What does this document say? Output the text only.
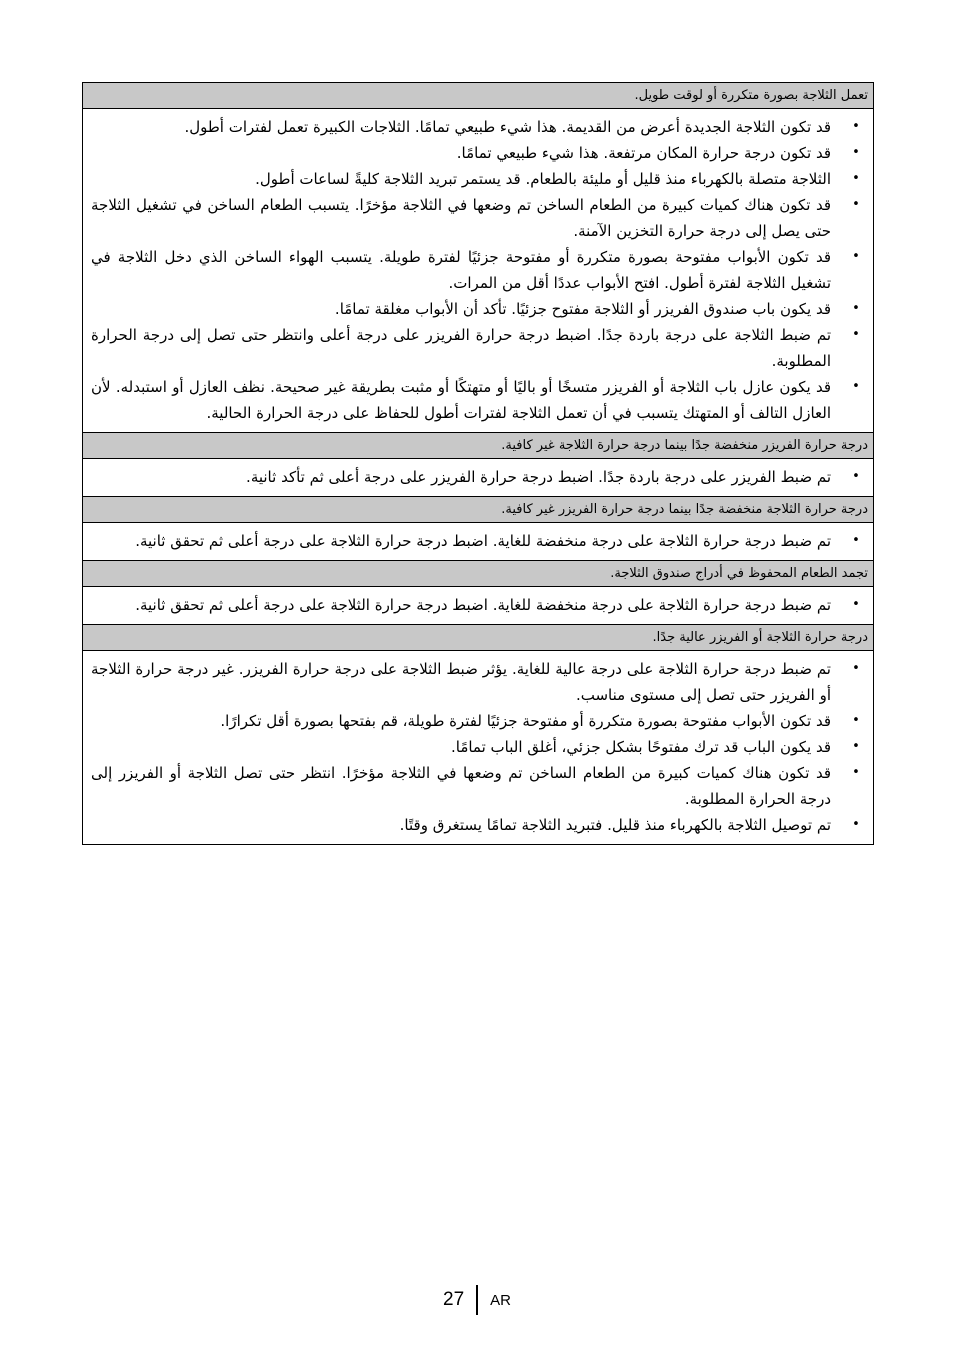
تعمل الثلاجة بصورة متكررة أو لوقت طويل.
•
قد تكون الثلاجة الجديدة أعرض من القديمة. هذا شيء طبيعي تمامًا. الثلاجات الكبيرة تعمل لفترات أطول.
•
قد تكون درجة حرارة المكان مرتفعة. هذا شيء طبيعي تمامًا.
•
الثلاجة متصلة بالكهرباء منذ قليل أو مليئة بالطعام. قد يستمر تبريد الثلاجة كليةً لساعات أطول.
•
قد تكون هناك كميات كبيرة من الطعام الساخن تم وضعها في الثلاجة مؤخرًا. يتسبب الطعام الساخن في تشغيل الثلاجة حتى يصل إلى درجة حرارة التخزين الآمنة.
•
قد تكون الأبواب مفتوحة بصورة متكررة أو مفتوحة جزئيًا لفترة طويلة. يتسبب الهواء الساخن الذي دخل الثلاجة في تشغيل الثلاجة لفترة أطول. افتح الأبواب عددًا أقل من المرات.
•
قد يكون باب صندوق الفريزر أو الثلاجة مفتوح جزئيًا. تأكد أن الأبواب مغلقة تمامًا.
•
تم ضبط الثلاجة على درجة باردة جدًا. اضبط درجة حرارة الفريزر على درجة أعلى وانتظر حتى تصل إلى درجة الحرارة المطلوبة.
•
قد يكون عازل باب الثلاجة أو الفريزر متسخًا أو باليًا أو متهتكًا أو مثبت بطريقة غير صحيحة. نظف العازل أو استبدله. لأن العازل التالف أو المتهتك يتسبب في أن تعمل الثلاجة لفترات أطول للحفاظ على درجة الحرارة الحالية.
درجة حرارة الفريزر منخفضة جدًا بينما درجة حرارة الثلاجة غير كافية.
•
تم ضبط الفريزر على درجة باردة جدًا. اضبط درجة حرارة الفريزر على درجة أعلى ثم تأكد ثانية.
درجة حرارة الثلاجة منخفضة جدًا بينما درجة حرارة الفريزر غير كافية.
•
تم ضبط درجة حرارة الثلاجة على درجة منخفضة للغاية. اضبط درجة حرارة الثلاجة على درجة أعلى ثم تحقق ثانية.
تجمد الطعام المحفوظ في أدراج صندوق الثلاجة.
•
تم ضبط درجة حرارة الثلاجة على درجة منخفضة للغاية. اضبط درجة حرارة الثلاجة على درجة أعلى ثم تحقق ثانية.
درجة حرارة الثلاجة أو الفريزر عالية جدًا.
•
تم ضبط درجة حرارة الثلاجة على درجة عالية للغاية. يؤثر ضبط الثلاجة على درجة حرارة الفريزر. غير درجة حرارة الثلاجة أو الفريزر حتى تصل إلى مستوى مناسب.
•
قد تكون الأبواب مفتوحة بصورة متكررة أو مفتوحة جزئيًا لفترة طويلة، قم بفتحها بصورة أقل تكرارًا.
•
قد يكون الباب قد ترك مفتوحًا بشكل جزئي، أغلق الباب تمامًا.
•
قد تكون هناك كميات كبيرة من الطعام الساخن تم وضعها في الثلاجة مؤخرًا. انتظر حتى تصل الثلاجة أو الفريزر إلى درجة الحرارة المطلوبة.
•
تم توصيل الثلاجة بالكهرباء منذ قليل. فتبريد الثلاجة تمامًا يستغرق وقتًا.
27 AR
